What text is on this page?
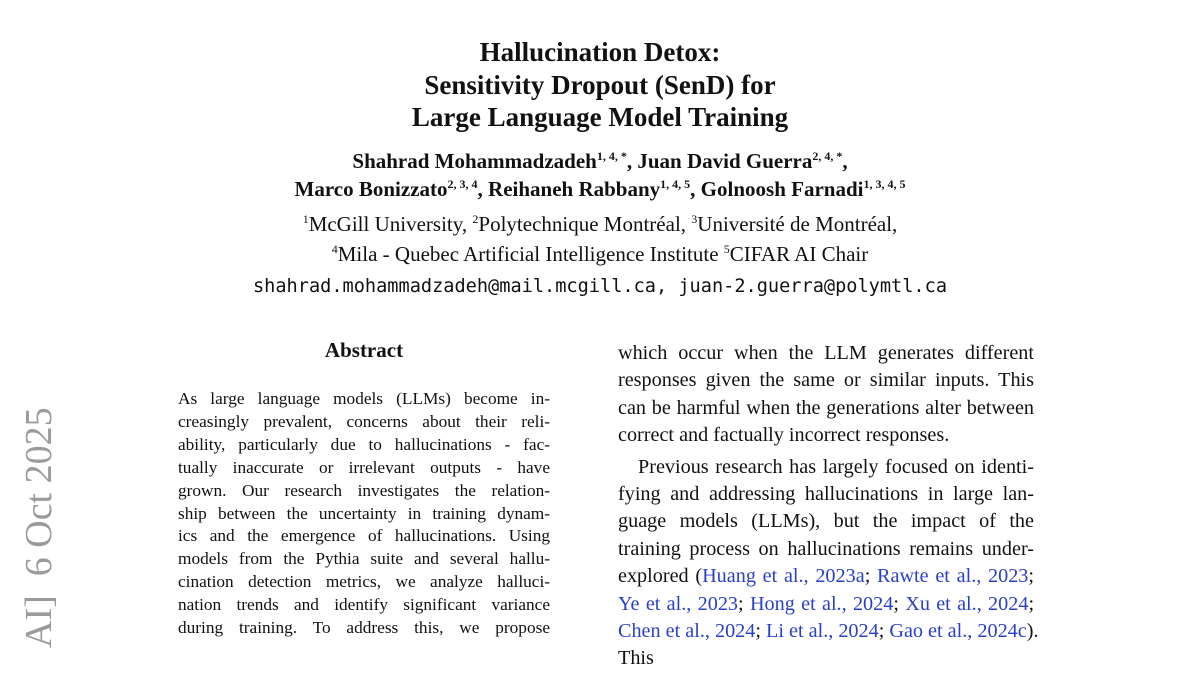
Hallucination Detox:
Sensitivity Dropout (SenD) for
Large Language Model Training
Shahrad Mohammadzadeh$^{1, 4, *}$, Juan David Guerra$^{2, 4, *}$,
Marco Bonizzato$^{2, 3, 4}$, Reihaneh Rabbany$^{1, 4, 5}$, Golnoosh Farnadi$^{1, 3, 4, 5}$
$^1$McGill University, $^2$Polytechnique Montréal, $^3$Université de Montréal,
$^4$Mila - Quebec Artificial Intelligence Institute $^5$CIFAR AI Chair
shahrad.mohammadzadeh@mail.mcgill.ca, juan-2.guerra@polymtl.ca
AI]  6 Oct 2025
Abstract
As large language models (LLMs) become in-
creasingly prevalent, concerns about their reli-
ability, particularly due to hallucinations - fac-
tually inaccurate or irrelevant outputs - have
grown. Our research investigates the relation-
ship between the uncertainty in training dynam-
ics and the emergence of hallucinations. Using
models from the Pythia suite and several hallu-
cination detection metrics, we analyze halluci-
nation trends and identify significant variance
during training. To address this, we propose
which occur when the LLM generates different
responses given the same or similar inputs. This
can be harmful when the generations alter between
correct and factually incorrect responses.
Previous research has largely focused on identi-
fying and addressing hallucinations in large lan-
guage models (LLMs), but the impact of the
training process on hallucinations remains under-
explored (Huang et al., 2023a; Rawte et al., 2023;
Ye et al., 2023; Hong et al., 2024; Xu et al., 2024;
Chen et al., 2024; Li et al., 2024; Gao et al., 2024c).
This
